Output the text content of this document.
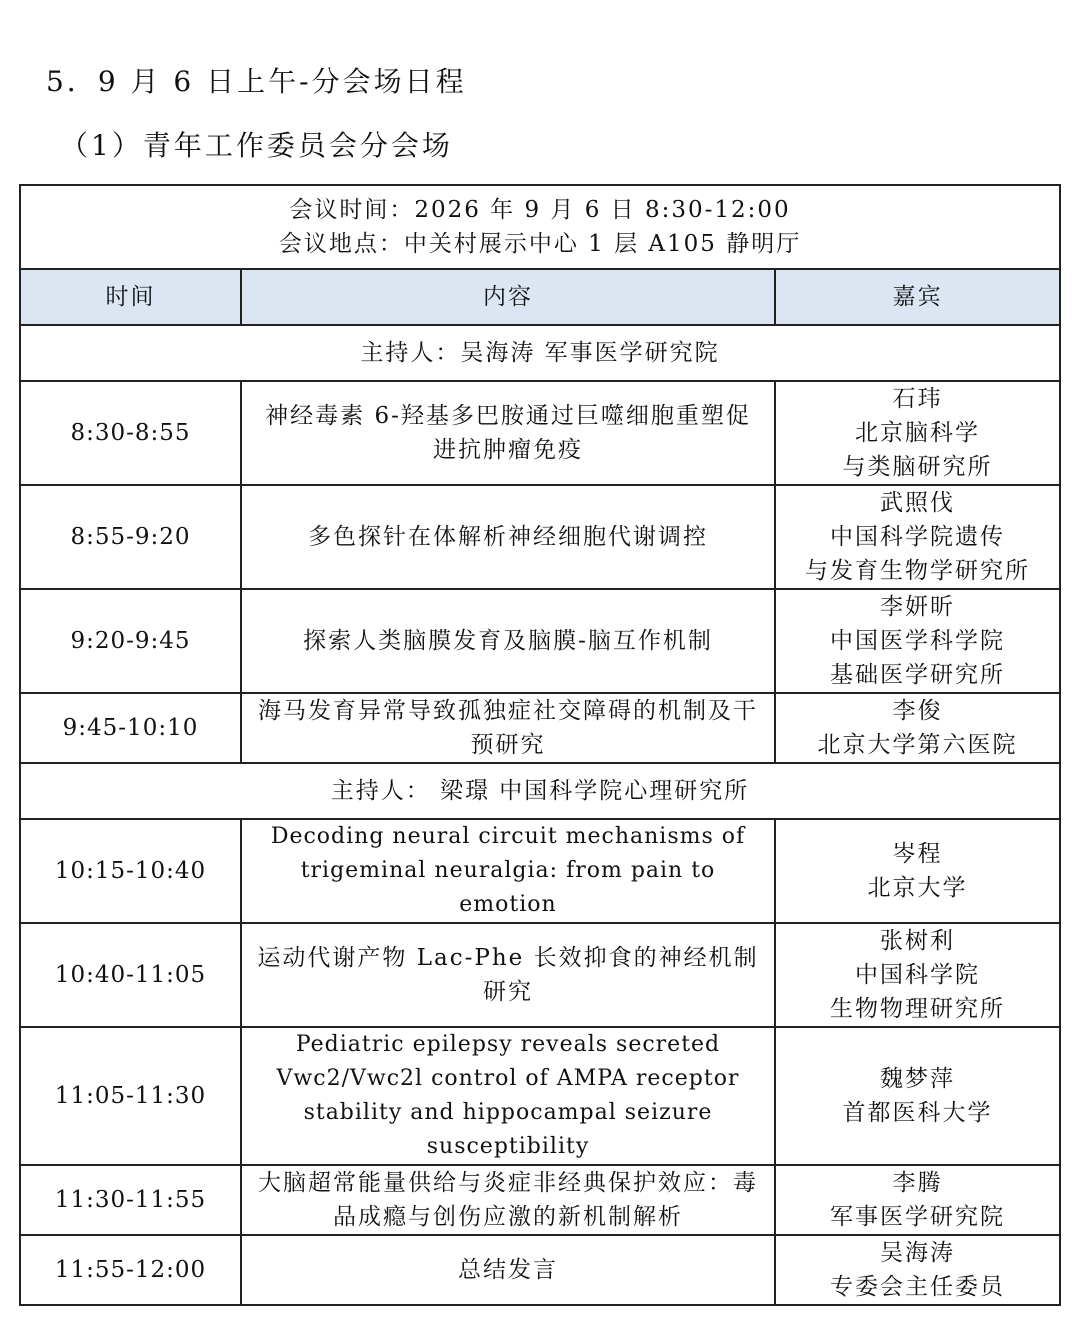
5．9 月 6 日上午-分会场日程
（1）青年工作委员会分会场
会议时间：2026 年 9 月 6 日 8:30-12:00
会议地点：中关村展示中心 1 层 A105 静明厅		

时间	内容	嘉宾
主持人：吴海涛 军事医学研究院		
8:30-8:55	神经毒素 6-羟基多巴胺通过巨噬细胞重塑促进抗肿瘤免疫	石玮
北京脑科学
与类脑研究所

8:55-9:20	多色探针在体解析神经细胞代谢调控	武照伐
中国科学院遗传
与发育生物学研究所

9:20-9:45	探索人类脑膜发育及脑膜-脑互作机制	李妍昕
中国医学科学院
基础医学研究所

9:45-10:10	海马发育异常导致孤独症社交障碍的机制及干预研究	李俊
北京大学第六医院

主持人： 梁璟 中国科学院心理研究所		
10:15-10:40	Decoding neural circuit mechanisms of trigeminal neuralgia: from pain to emotion	岑程
北京大学

10:40-11:05	运动代谢产物 Lac-Phe 长效抑食的神经机制研究	张树利
中国科学院
生物物理研究所

11:05-11:30	Pediatric epilepsy reveals secreted Vwc2/Vwc2l control of AMPA receptor stability and hippocampal seizure susceptibility	魏梦萍
首都医科大学

11:30-11:55	大脑超常能量供给与炎症非经典保护效应：毒品成瘾与创伤应激的新机制解析	李腾
军事医学研究院

11:55-12:00	总结发言	吴海涛
专委会主任委员
